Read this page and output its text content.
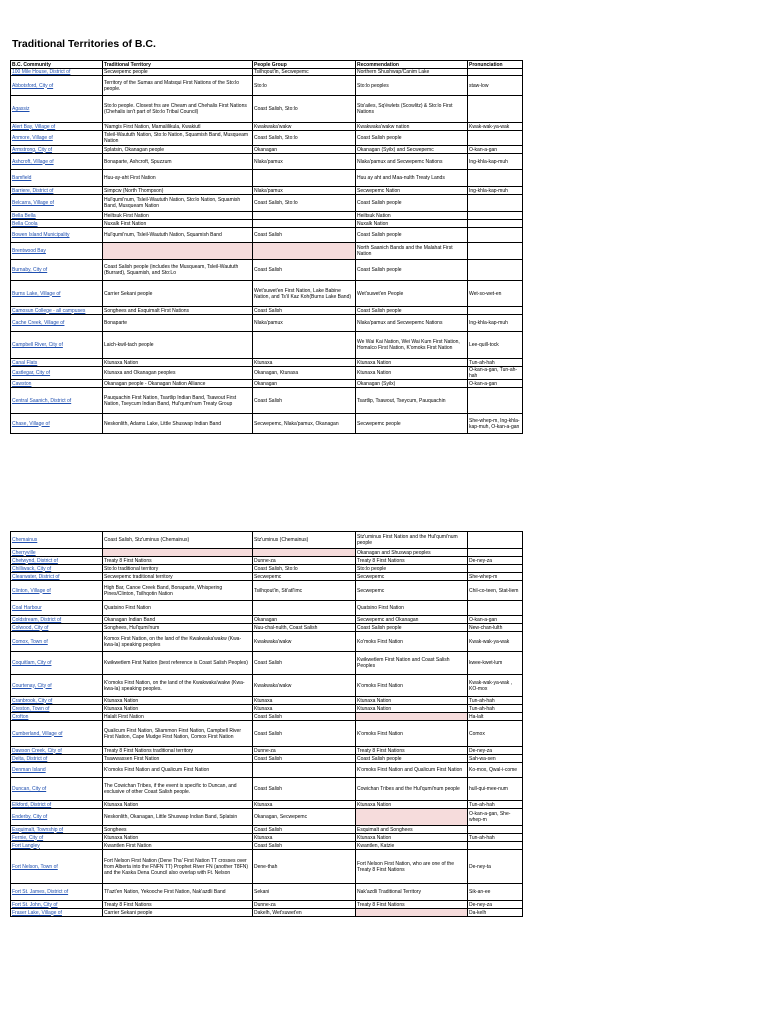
Traditional Territories of B.C.
B.C. Community	Traditional Territory	People Group	Recommendation	Pronunciation
100 Mile House, District of	Secwepemc people	Tsilhqout'in, Secwepemc	Northern Shushwap/Canim Lake	
Abbotsford, City of	Territory of the Sumas and Matsqui First Nations of the Sto:lo people.	Sto:lo	Sto:lo peoples	staw-low
Agassiz	Sto:lo people. Closest fns are Cheam and Chehalis First Nations (Chehalis isn't part of Sto:lo Tribal Council)	Coast Salish, Sto:lo	Sts'ailes, Sq'éwlets (Scowlitz) & Sto:lo First Nations	
Alert Bay, Village of	'Namgis First Nation, Mamalilikula, Kwakiutl	Kwakwaka'wakw	Kwakwaka'wakw nation	Kwak-wak-ya-wak
Anmore, Village of	Tsleil-Waututh Nation, Sto:lo Nation, Squamish Band, Musqueam Nation	Coast Salish, Sto:lo	Coast Salish people	
Armstrong, City of	Splatsin, Okanagan people	Okanagan	Okanagan (Syilx) and Secwepemc	O-kan-a-gan
Ashcroft, Village of	Bonaparte, Ashcroft, Spuzzum	Nlaka'pamux	Nlaka'pamux and Secwepemc Nations	Ing-khla-kap-muh
Bamfield	Huu-ay-aht First Nation		Huu ay aht and Maa-nulth Treaty Lands	
Barriere, District of	Simpcw (North Thompson)	Nlaka'pamux	Secwepemc Nation	Ing-khla-kap-muh
Belcarra, Village of	Hul'qumi'num, Tsleil-Waututh Nation, Sto:lo Nation, Squamish Band, Musqueam Nation	Coast Salish, Sto:lo	Coast Salish people	
Bella Bella	Heiltsuk First Nation		Heiltsuk Nation	
Bella Coola	Nuxalk First Nation		Nuxalk Nation	
Bowen Island Municipality	Hul'qumi'num, Tsleil-Waututh Nation, Squamish Band	Coast Salish	Coast Salish people	
Brentwood Bay			North Saanich Bands and the Malahat First Nation	
Burnaby, City of	Coast Salish people (includes the Musqueam, Tsleil-Waututh (Burrard), Squamish, and Sto:Lo	Coast Salish	Coast Salish people	
Burns Lake, Village of	Carrier Sekani people	Wet'suwet'en First Nation, Lake Babine Nation, and Ts'il Kaz Koh(Burns Lake Band)	Wet'suwet'en People	Wet-so-wet-en
Camosun College - all campuses	Songhees and Esquimalt First Nations	Coast Salish	Coast Salish people	
Cache Creek, Village of	Bonaparte	Nlaka'pamux	Nlaka'pamux and Secwepemc Nations	Ing-khla-kap-muh
Campbell River, City of	Laich-kwil-tach people		We Wai Kai Nation, Wei Wai Kum First Nation, Homalco First Nation, K'omoks First Nation	Lee-quill-tock
Canal Flats	Ktunaxa Nation	Ktunaxa	Ktunaxa Nation	Tun-ah-hah
Castlegar, City of	Ktunaxa and Okanagan peoples	Okanagan, Ktunaxa	Ktunaxa Nation	O-kan-a-gan, Tun-ah-hah
Cawston	Okanagan people - Okanagan Nation Alliance	Okanagan	Okanagan (Syilx)	O-kan-a-gan
Central Saanich, District of	Pauquachin First Nation, Tsartlip Indian Band, Tsawout First Nation, Tseycum Indian Band, Hul'qumi'num Treaty Group	Coast Salish	Tsartlip, Tsawout, Tseycum, Pauquachin	
Chase, Village of	Neskonlith, Adams Lake, Little Shuswap Indian Band	Secwepemc, Nlaka'pamux, Okanagan	Secwepemc people	She-whep-m, Ing-khla-kap-muh, O-kan-a-gan
Chemainus	Coast Salish, Stz'uminus (Chemainus)	Stz'uminus (Chemainus)	Stz'uminus First Nation and the Hul'qumi'num people	
Cherryville			Okanagan and Shuswap peoples	
Chetwynd, District of	Treaty 8 First Nations	Dunne-za	Treaty 8 First Nations	De-ney-za
Chilliwack, City of	Sto:lo traditional territory	Coast Salish, Sto:lo	Sto:lo people	
Clearwater, District of	Secwepemc traditional territory	Secwepemc	Secwepemc	She-whep-m
Clinton, Village of	High Bar, Canoe Creek Band, Bonaparte, Whispering Pines/Clinton, Tsilhqotin Nation	Tsilhqout'in, Sti'atl'imc	Secwepemc	Chil-co-teen, Stat-liem
Coal Harbour	Quatsino First Nation		Quatsino First Nation	
Coldstream, District of	Okanagan Indian Band	Okanagan	Secwepemc and Okanagan	O-kan-a-gan
Colwood, City of	Songhees, Hul'qumi'num	Nuu-chal-nulth, Coast Salish	Coast Salish people	New-chan-lulth
Comox, Town of	Komox First Nation, on the land of the Kwakwaka'wakw (Kwa-kwa-la) speaking peoples	Kwakwaka'wakw	Ko'moks First Nation	Kwak-wak-ya-wak
Coquitlam, City of	Kwikwetlem First Nation (best reference is Coast Salish Peoples)	Coast Salish	Kwikwetlem First Nation and Coast Salish Peoples	kwee-kwet-lum
Courtenay, City of	K'omoks First Nation, on the land of the Kwakwaka'wakw (Kwa-kwa-la) speaking peoples.	Kwakwaka'wakw	K'omoks First Nation	Kwak-wak-ya-wak , KO-mox
Cranbrook, City of	Ktunaxa Nation	Ktunaxa	Ktunaxa Nation	Tun-ah-hah
Creston, Town of	Ktunaxa Nation	Ktunaxa	Ktunaxa Nation	Tun-ah-hah
Crofton	Halalt First Nation	Coast Salish		Ha-lalt
Cumberland, Village of	Qualicum First Nation, Sliammon First Nation, Campbell River First Nation, Cape Mudge First Nation, Comox First Nation	Coast Salish	K'omoks First Nation	Comox
Dawson Creek, City of	Treaty 8 First Nations traditional territory	Dunne-za	Treaty 8 First Nations	De-ney-za
Delta, District of	Tsawwassen First Nation	Coast Salish	Coast Salish people	Sah-wa-sen
Denman Island	K'omoks First Nation and Qualicum First Nation		K'omoks First Nation and Qualicum First Nation	Ko-mox, Qwal-i-come
Duncan, City of	The Cowichan Tribes, if the event is specific to Duncan, and exclusive of other Coast Salish people.	Coast Salish	Cowichan Tribes and the Hul'qumi'num people	hull-qui-mee-num
Elkford, District of	Ktunaxa Nation	Ktunaxa	Ktunaxa Nation	Tun-ah-hah
Enderby, City of	Neskonlith, Okanagan, Little Shuswap Indian Band, Splatsin	Okanagan, Secwepemc		O-kan-a-gan, She-whep-m
Esquimalt, Township of	Songhees	Coast Salish	Esquimalt and Songhees	
Fernie, City of	Ktunaxa Nation	Ktunaxa	Ktunaxa Nation	Tun-ah-hah
Fort Langley	Kwantlen First Nation	Coast Salish	Kwantlen, Katzie	
Fort Nelson, Town of	Fort Nelson First Nation (Dene Tha' First Nation TT crosses over from Alberta into the FNFN TT) Prophet River FN (another T8FN) and the Kaska Dena Council also overlap with Ft. Nelson	Dene-thah	Fort Nelson First Nation, who are one of the Treaty 8 First Nations	De-ney-ta
Fort St. James, District of	Tl'azt'en Nation, Yekooche First Nation, Nak'azdli Band	Sekani	Nak'azdli Traditional Territory	Sik-an-ee
Fort St. John, City of	Treaty 8 First Nations	Dunne-za	Treaty 8 First Nations	De-ney-za
Fraser Lake, Village of	Carrier Sekani people	Dakelh, Wet'suwet'en		Da-kelh
